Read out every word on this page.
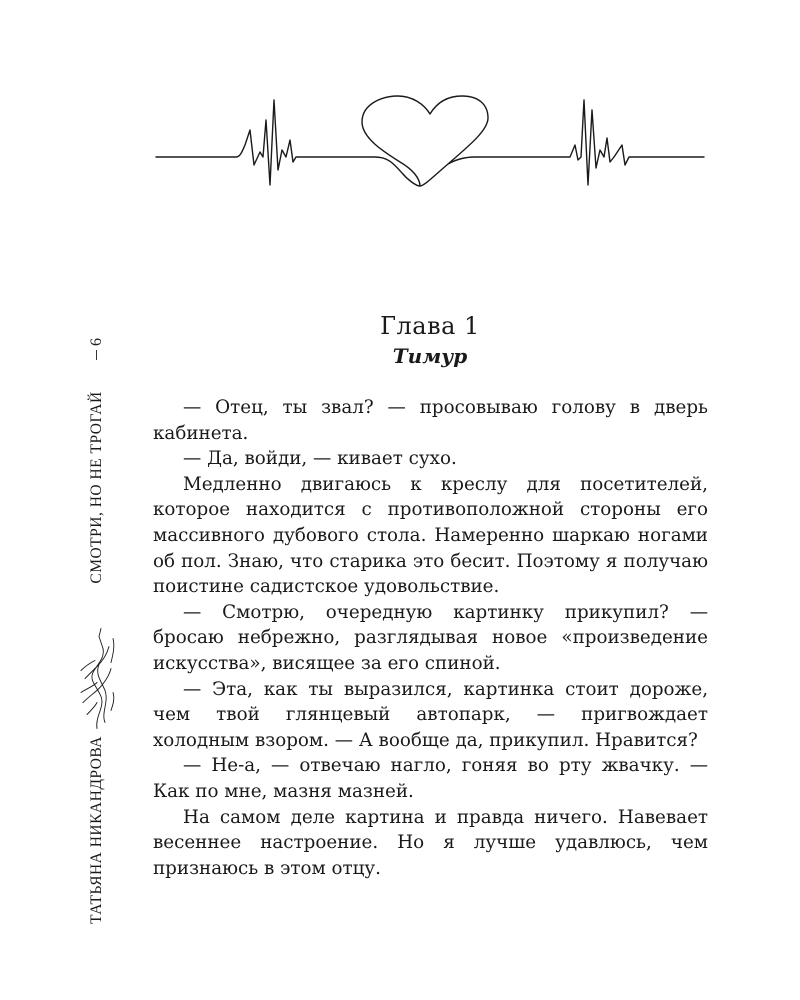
6
ТАТЬЯНА НИКАНДРОВА
СМОТРИ, НО НЕ ТРОГАЙ
Глава 1
Тимур

— Отец, ты звал? — просовываю голову в дверь кабинета.

— Да, войди, — кивает сухо.

Медленно двигаюсь к креслу для посетителей, которое находится с противоположной стороны его массивного дубового стола. Намеренно шаркаю ногами об пол. Знаю, что старика это бесит. Поэтому я получаю поистине садистское удовольствие.

— Смотрю, очередную картинку прикупил? — бросаю небрежно, разглядывая новое «произведение искусства», висящее за его спиной.

— Эта, как ты выразился, картинка стоит дороже, чем твой глянцевый автопарк, — пригвождает холодным взором. — А вообще да, прикупил. Нравится?

— Не-а, — отвечаю нагло, гоняя во рту жвачку. — Как по мне, мазня мазней.

На самом деле картина и правда ничего. Навевает весеннее настроение. Но я лучше удавлюсь, чем признаюсь в этом отцу.
